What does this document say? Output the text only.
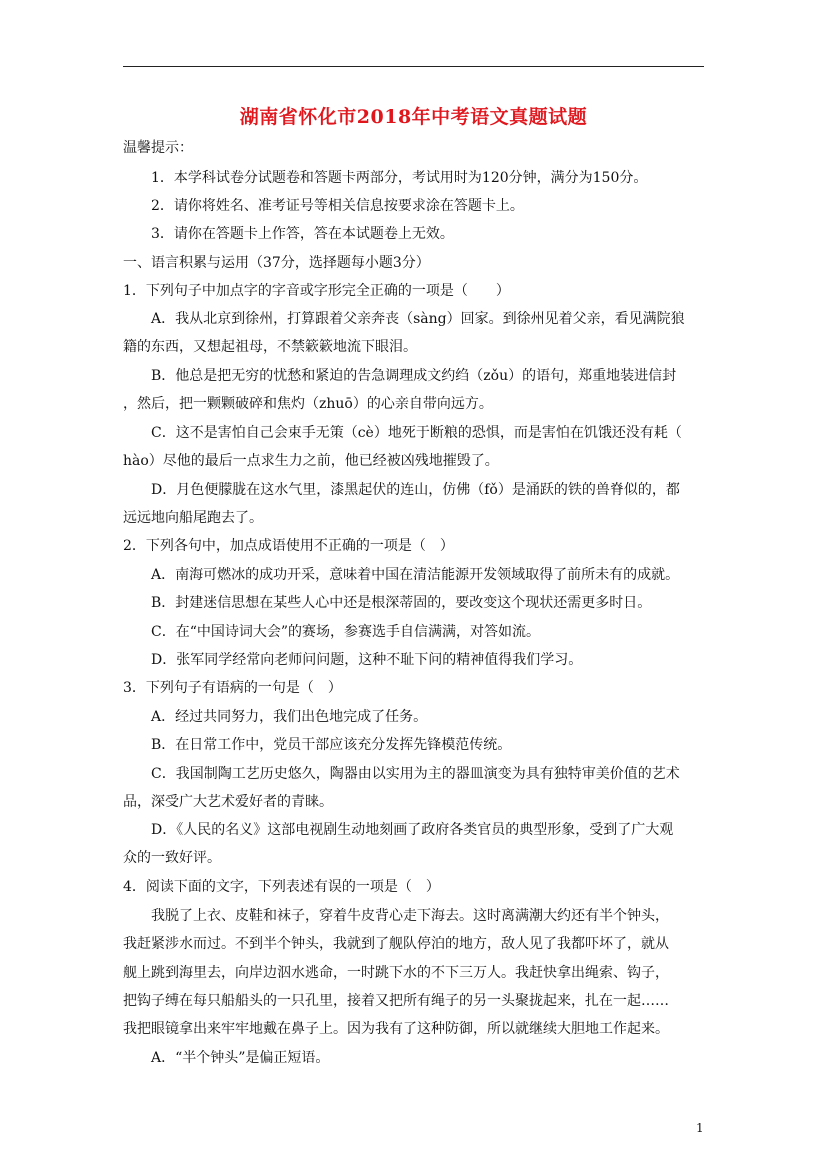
湖南省怀化市2018年中考语文真题试题
温馨提示：
1．本学科试卷分试题卷和答题卡两部分，考试用时为120分钟，满分为150分。
2．请你将姓名、准考证号等相关信息按要求涂在答题卡上。
3．请你在答题卡上作答，答在本试题卷上无效。
一、语言积累与运用（37分，选择题每小题3分）
1．下列句子中加点字的字音或字形完全正确的一项是（　　）
A．我从北京到徐州，打算跟着父亲奔丧（sàng）回家。到徐州见着父亲，看见满院狼
籍的东西，又想起祖母，不禁簌簌地流下眼泪。
B．他总是把无穷的忧愁和紧迫的告急调理成文约绉（zǒu）的语句，郑重地装进信封
，然后，把一颗颗破碎和焦灼（zhuō）的心亲自带向远方。
C．这不是害怕自己会束手无策（cè）地死于断粮的恐惧，而是害怕在饥饿还没有耗（
hào）尽他的最后一点求生力之前，他已经被凶残地摧毁了。
D．月色便朦胧在这水气里，漆黑起伏的连山，仿佛（fǒ）是涌跃的铁的兽脊似的，都
远远地向船尾跑去了。
2．下列各句中，加点成语使用不正确的一项是（　）
A．南海可燃冰的成功开采，意味着中国在清洁能源开发领域取得了前所未有的成就。
B．封建迷信思想在某些人心中还是根深蒂固的，要改变这个现状还需更多时日。
C．在“中国诗词大会”的赛场，参赛选手自信满满，对答如流。
D．张军同学经常向老师问问题，这种不耻下问的精神值得我们学习。
3．下列句子有语病的一句是（　）
A．经过共同努力，我们出色地完成了任务。
B．在日常工作中，党员干部应该充分发挥先锋模范传统。
C．我国制陶工艺历史悠久，陶器由以实用为主的器皿演变为具有独特审美价值的艺术
品，深受广大艺术爱好者的青睐。
D．《人民的名义》这部电视剧生动地刻画了政府各类官员的典型形象，受到了广大观
众的一致好评。
4．阅读下面的文字，下列表述有误的一项是（　）
我脱了上衣、皮鞋和袜子，穿着牛皮背心走下海去。这时离满潮大约还有半个钟头，
我赶紧涉水而过。不到半个钟头，我就到了舰队停泊的地方，敌人见了我都吓坏了，就从
舰上跳到海里去，向岸边泅水逃命，一时跳下水的不下三万人。我赶快拿出绳索、钩子，
把钩子缚在每只船船头的一只孔里，接着又把所有绳子的另一头聚拢起来，扎在一起……
我把眼镜拿出来牢牢地戴在鼻子上。因为我有了这种防御，所以就继续大胆地工作起来。
A．“半个钟头”是偏正短语。
1
